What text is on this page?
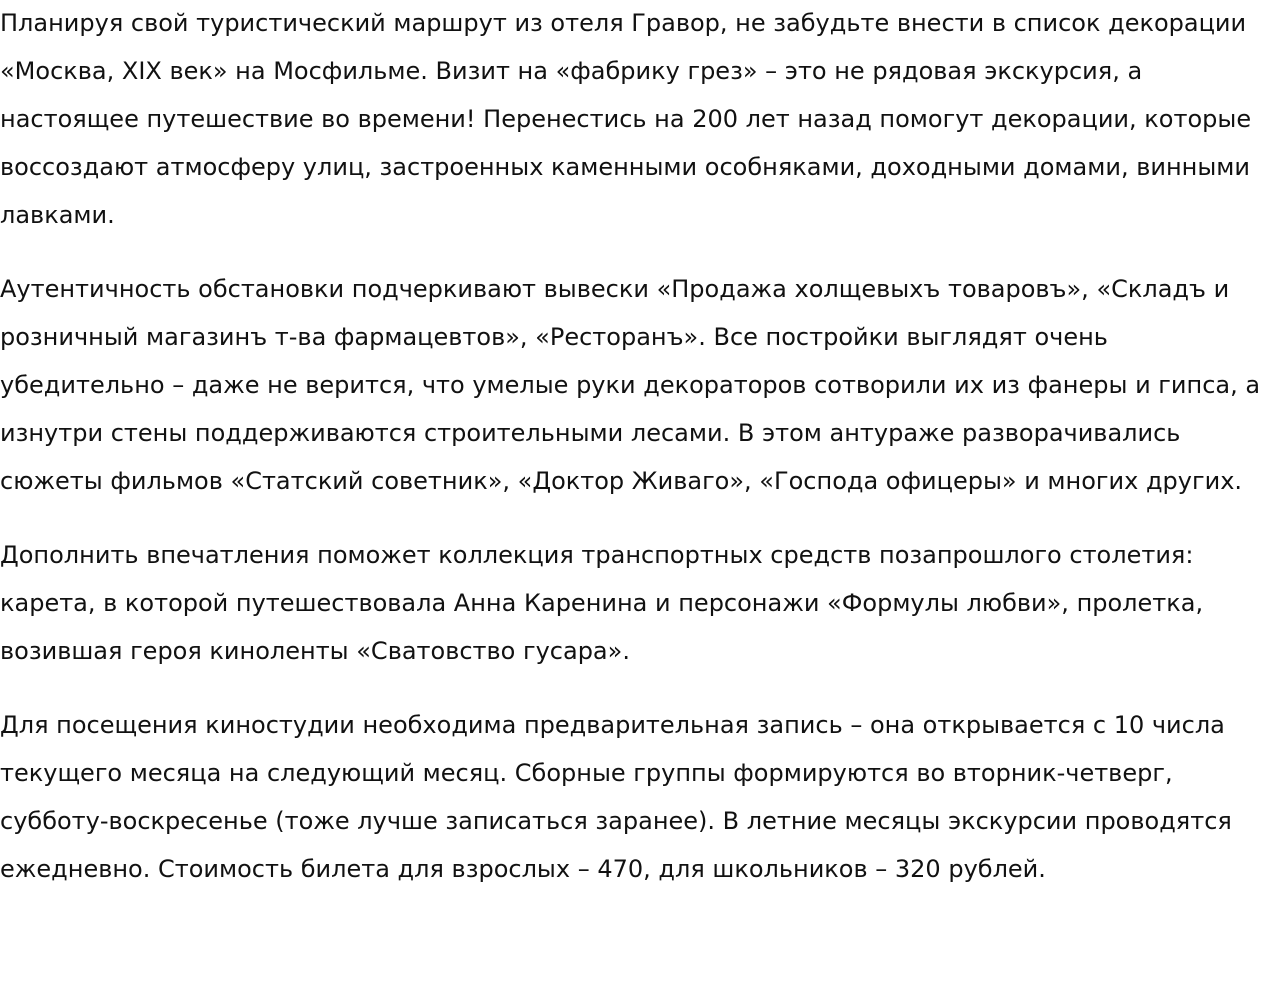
Планируя свой туристический маршрут из отеля Гравор, не забудьте внести в список декорации «Москва, XIX век» на Мосфильме. Визит на «фабрику грез» – это не рядовая экскурсия, а настоящее путешествие во времени! Перенестись на 200 лет назад помогут декорации, которые воссоздают атмосферу улиц, застроенных каменными особняками, доходными домами, винными лавками.

Аутентичность обстановки подчеркивают вывески «Продажа холщевыхъ товаровъ», «Складъ и розничный магазинъ т-ва фармацевтов», «Ресторанъ». Все постройки выглядят очень убедительно – даже не верится, что умелые руки декораторов сотворили их из фанеры и гипса, а изнутри стены поддерживаются строительными лесами. В этом антураже разворачивались сюжеты фильмов «Статский советник», «Доктор Живаго», «Господа офицеры» и многих других.

Дополнить впечатления поможет коллекция транспортных средств позапрошлого столетия: карета, в которой путешествовала Анна Каренина и персонажи «Формулы любви», пролетка, возившая героя киноленты «Сватовство гусара».

Для посещения киностудии необходима предварительная запись – она открывается с 10 числа текущего месяца на следующий месяц. Сборные группы формируются во вторник-четверг, субботу-воскресенье (тоже лучше записаться заранее). В летние месяцы экскурсии проводятся ежедневно. Стоимость билета для взрослых – 470, для школьников – 320 рублей.
